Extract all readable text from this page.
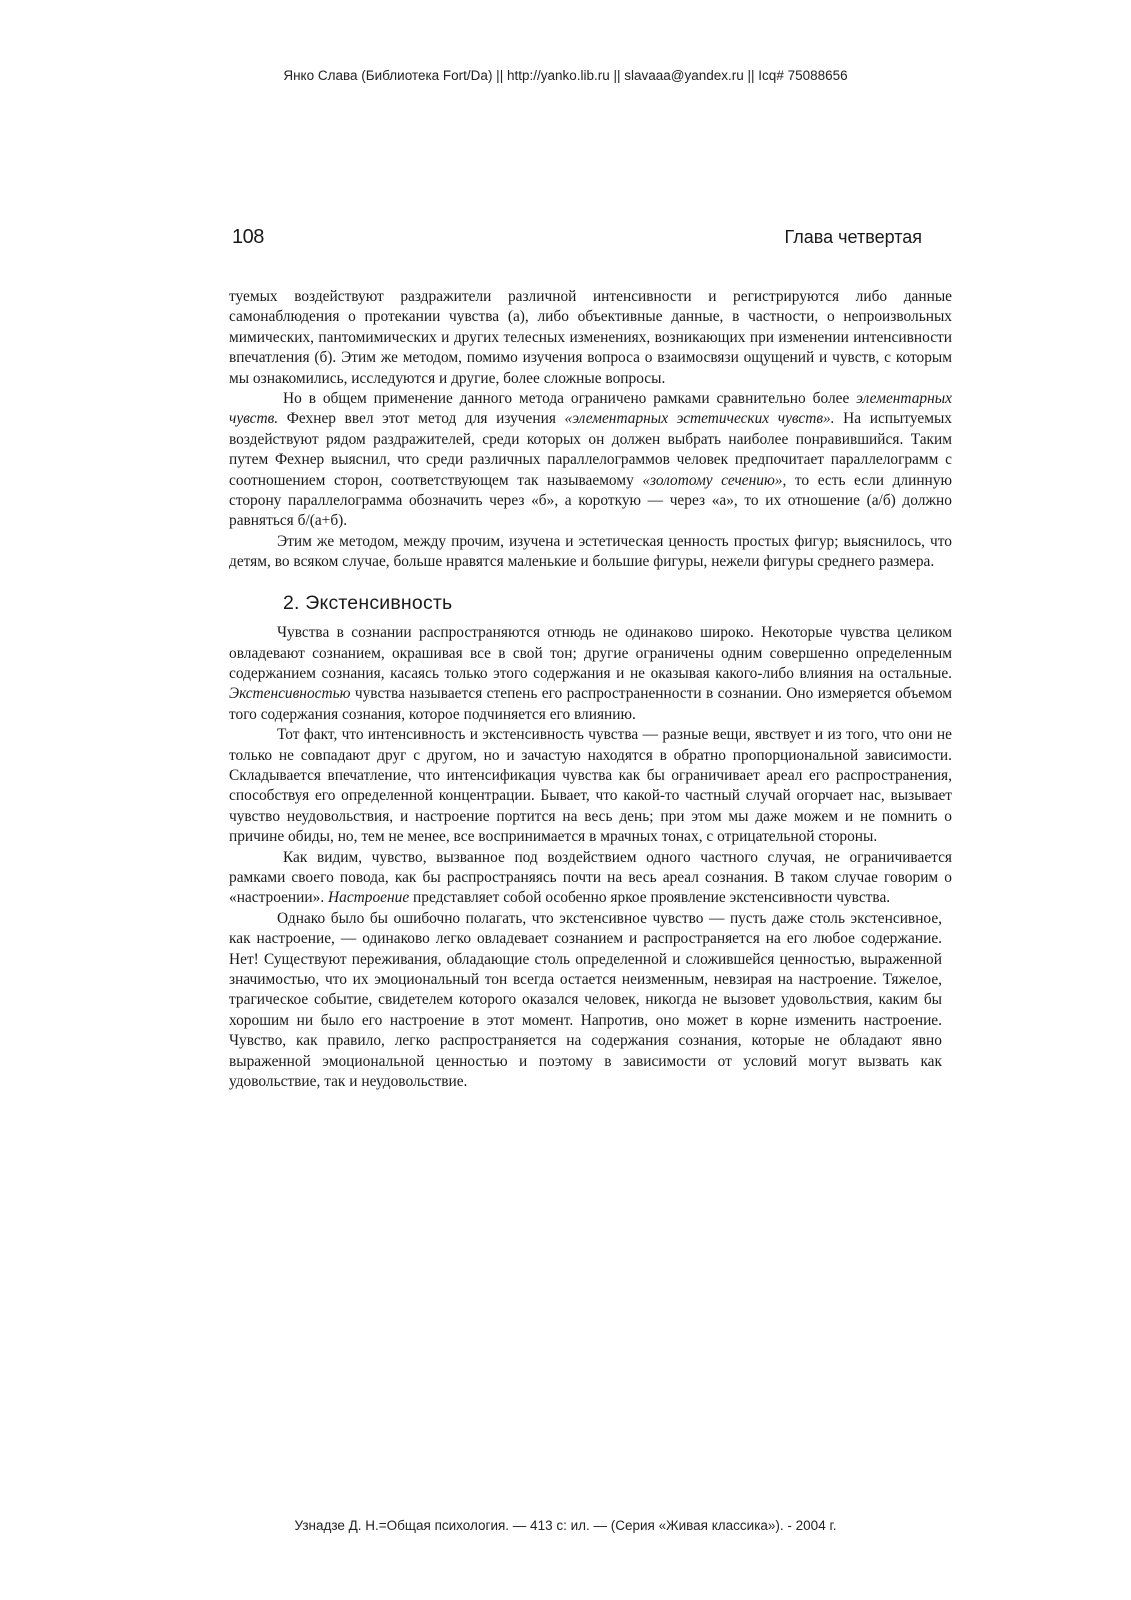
Янко Слава (Библиотека Fort/Da) || http://yanko.lib.ru || slavaaa@yandex.ru || Icq# 75088656
108	Глава четвертая

туемых воздействуют раздражители различной интенсивности и регистрируются либо данные самонаблюдения о протекании чувства (а), либо объективные данные, в частности, о непроизвольных мимических, пантомимических и других телесных изменениях, возникающих при изменении интенсивности впечатления (б). Этим же методом, помимо изучения вопроса о взаимосвязи ощущений и чувств, с которым мы ознакомились, исследуются и другие, более сложные вопросы.

Но в общем применение данного метода ограничено рамками сравнительно более элементарных чувств. Фехнер ввел этот метод для изучения «элементарных эстетических чувств». На испытуемых воздействуют рядом раздражителей, среди которых он должен выбрать наиболее понравившийся. Таким путем Фехнер выяснил, что среди различных параллелограммов человек предпочитает параллелограмм с соотношением сторон, соответствующем так называемому «золотому сечению», то есть если длинную сторону параллелограмма обозначить через «б», а короткую — через «а», то их отношение (а/б) должно равняться б/(а+б).

Этим же методом, между прочим, изучена и эстетическая ценность простых фигур; выяснилось, что детям, во всяком случае, больше нравятся маленькие и большие фигуры, нежели фигуры среднего размера.

2. Экстенсивность

Чувства в сознании распространяются отнюдь не одинаково широко. Некоторые чувства целиком овладевают сознанием, окрашивая все в свой тон; другие ограничены одним совершенно определенным содержанием сознания, касаясь только этого содержания и не оказывая какого-либо влияния на остальные. Экстенсивностью чувства называется степень его распространенности в сознании. Оно измеряется объемом того содержания сознания, которое подчиняется его влиянию.

Тот факт, что интенсивность и экстенсивность чувства — разные вещи, явствует и из того, что они не только не совпадают друг с другом, но и зачастую находятся в обратно пропорциональной зависимости. Складывается впечатление, что интенсификация чувства как бы ограничивает ареал его распространения, способствуя его определенной концентрации. Бывает, что какой-то частный случай огорчает нас, вызывает чувство неудовольствия, и настроение портится на весь день; при этом мы даже можем и не помнить о причине обиды, но, тем не менее, все воспринимается в мрачных тонах, с отрицательной стороны.

Как видим, чувство, вызванное под воздействием одного частного случая, не ограничивается рамками своего повода, как бы распространяясь почти на весь ареал сознания. В таком случае говорим о «настроении». Настроение представляет собой особенно яркое проявление экстенсивности чувства.

Однако было бы ошибочно полагать, что экстенсивное чувство — пусть даже столь экстенсивное, как настроение, — одинаково легко овладевает сознанием и распространяется на его любое содержание. Нет! Существуют переживания, обладающие столь определенной и сложившейся ценностью, выраженной значимостью, что их эмоциональный тон всегда остается неизменным, невзирая на настроение. Тяжелое, трагическое событие, свидетелем которого оказался человек, никогда не вызовет удовольствия, каким бы хорошим ни было его настроение в этот момент. Напротив, оно может в корне изменить настроение. Чувство, как правило, легко распространяется на содержания сознания, которые не обладают явно выраженной эмоциональной ценностью и поэтому в зависимости от условий могут вызвать как удовольствие, так и неудовольствие.

Узнадзе Д. Н.=Общая психология. — 413 с: ил. — (Серия «Живая классика»). - 2004 г.
